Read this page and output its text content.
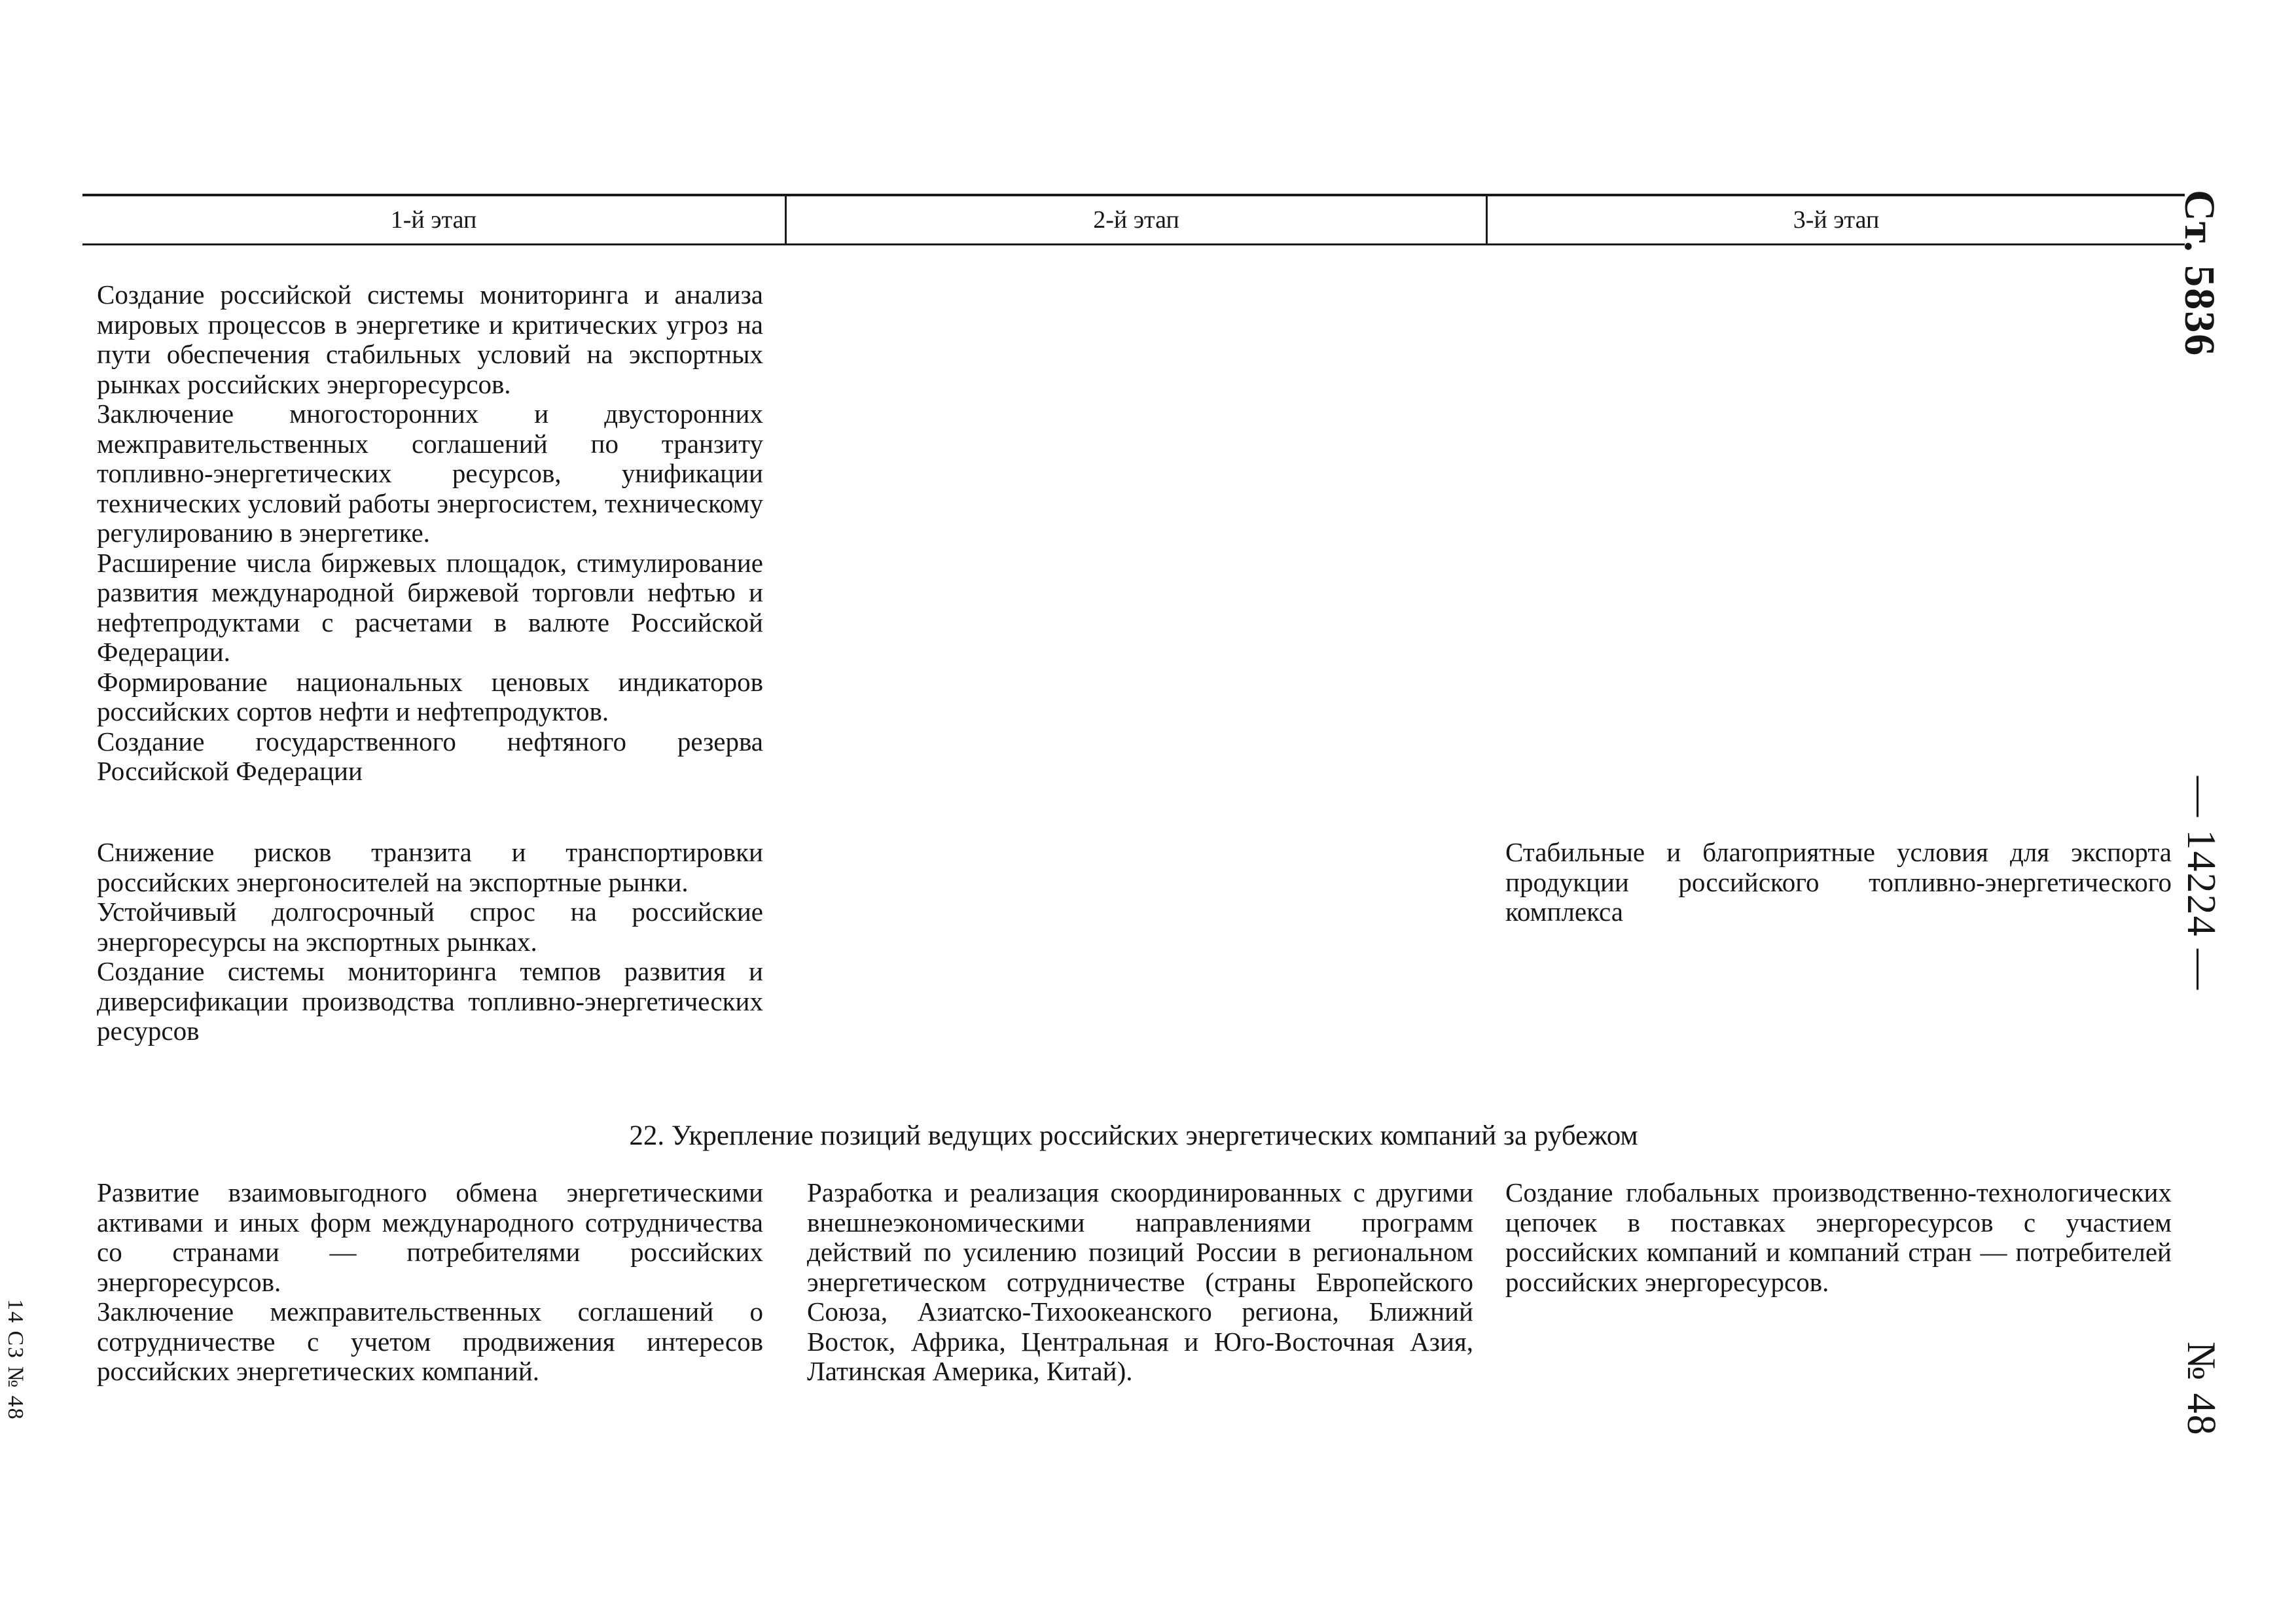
1-й этап	2-й этап	3-й этап

Создание российской системы мониторинга и анализа мировых процессов в энергетике и критических угроз на пути обеспечения стабильных условий на экспортных рынках российских энергоресурсов.

Заключение многосторонних и двусторонних межправительственных соглашений по транзиту топливно-энергетических ресурсов, унификации технических условий работы энергосистем, техническому регулированию в энергетике.

Расширение числа биржевых площадок, стимулирование развития международной биржевой торговли нефтью и нефтепродуктами с расчетами в валюте Российской Федерации.

Формирование национальных ценовых индикаторов российских сортов нефти и нефтепродуктов.

Создание государственного нефтяного резерва Российской Федерации

Снижение рисков транзита и транспортировки российских энергоносителей на экспортные рынки.

Устойчивый долгосрочный спрос на российские энергоресурсы на экспортных рынках.

Создание системы мониторинга темпов развития и диверсификации производства топливно-энергетических ресурсов

Стабильные и благоприятные условия для экспорта продукции российского топливно-энергетического комплекса

22. Укрепление позиций ведущих российских энергетических компаний за рубежом

Развитие взаимовыгодного обмена энергетическими активами и иных форм международного сотрудничества со странами — потребителями российских энергоресурсов.

Заключение межправительственных соглашений о сотрудничестве с учетом продвижения интересов российских энергетических компаний.

Разработка и реализация скоординированных с другими внешнеэкономическими направлениями программ действий по усилению позиций России в региональном энергетическом сотрудничестве (страны Европейского Союза, Азиатско-Тихоокеанского региона, Ближний Восток, Африка, Центральная и Юго-Восточная Азия, Латинская Америка, Китай).

Создание глобальных производственно-технологических цепочек в поставках энергоресурсов с участием российских компаний и компаний стран — потребителей российских энергоресурсов.

Ст. 5836
— 14224 —
№ 48
14 СЗ № 48
